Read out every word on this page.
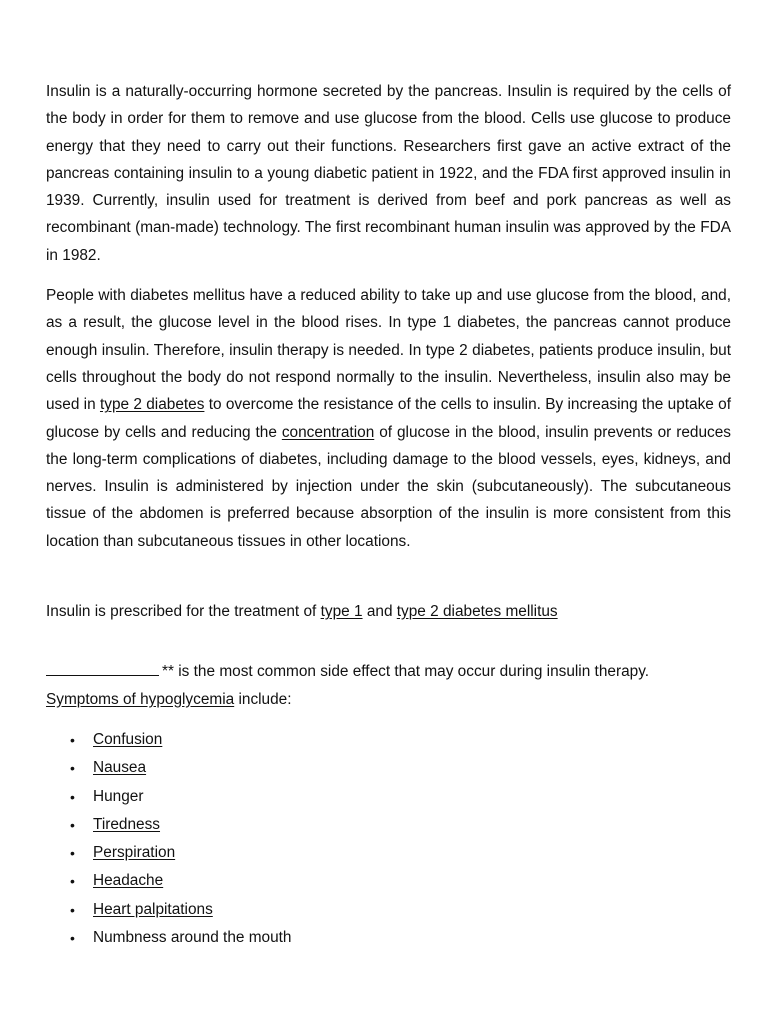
Insulin is a naturally-occurring hormone secreted by the pancreas. Insulin is required by the cells of the body in order for them to remove and use glucose from the blood. Cells use glucose to produce energy that they need to carry out their functions. Researchers first gave an active extract of the pancreas containing insulin to a young diabetic patient in 1922, and the FDA first approved insulin in 1939. Currently, insulin used for treatment is derived from beef and pork pancreas as well as recombinant (man-made) technology. The first recombinant human insulin was approved by the FDA in 1982.

People with diabetes mellitus have a reduced ability to take up and use glucose from the blood, and, as a result, the glucose level in the blood rises. In type 1 diabetes, the pancreas cannot produce enough insulin. Therefore, insulin therapy is needed. In type 2 diabetes, patients produce insulin, but cells throughout the body do not respond normally to the insulin. Nevertheless, insulin also may be used in type 2 diabetes to overcome the resistance of the cells to insulin. By increasing the uptake of glucose by cells and reducing the concentration of glucose in the blood, insulin prevents or reduces the long-term complications of diabetes, including damage to the blood vessels, eyes, kidneys, and nerves. Insulin is administered by injection under the skin (subcutaneously). The subcutaneous tissue of the abdomen is preferred because absorption of the insulin is more consistent from this location than subcutaneous tissues in other locations.

Insulin is prescribed for the treatment of type 1 and type 2 diabetes mellitus

** is the most common side effect that may occur during insulin therapy.

Symptoms of hypoglycemia include:

• Confusion
• Nausea
• Hunger
• Tiredness
• Perspiration
• Headache
• Heart palpitations
• Numbness around the mouth
